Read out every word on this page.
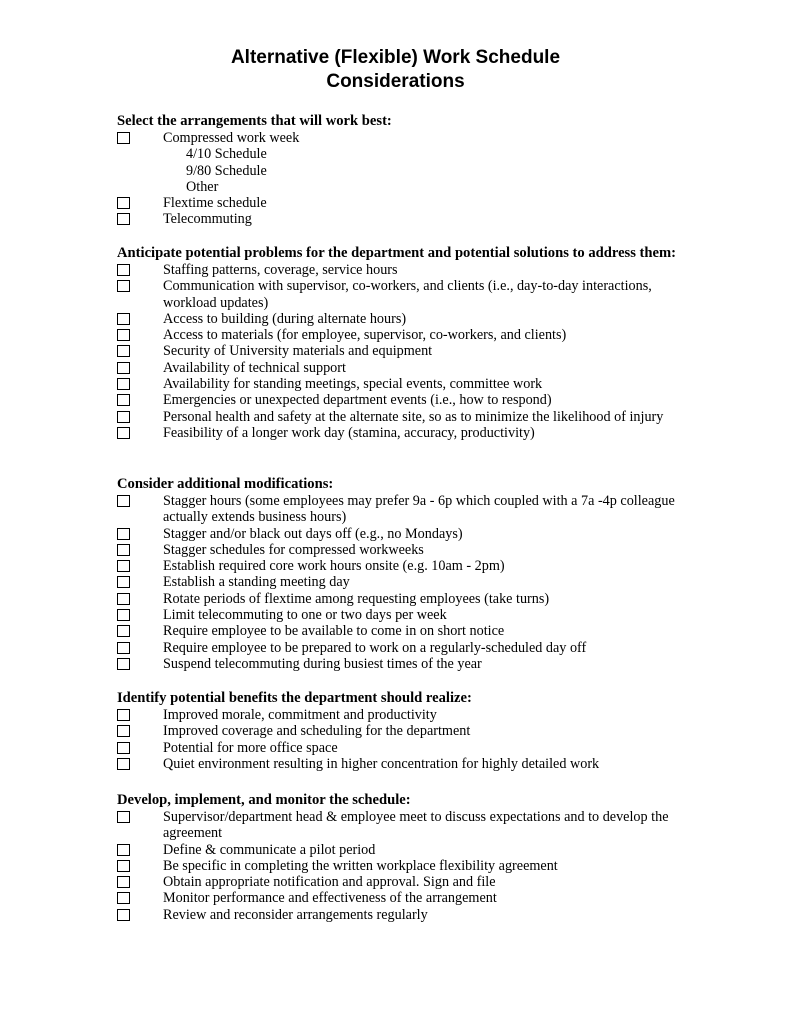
Alternative (Flexible) Work Schedule
Considerations
Select the arrangements that will work best:
Compressed work week
4/10 Schedule
9/80 Schedule
Other
Flextime schedule
Telecommuting
Anticipate potential problems for the department and potential solutions to address them:
Staffing patterns, coverage, service hours
Communication with supervisor, co-workers, and clients (i.e., day-to-day interactions, workload updates)
Access to building (during alternate hours)
Access to materials (for employee, supervisor, co-workers, and clients)
Security of University materials and equipment
Availability of technical support
Availability for standing meetings, special events, committee work
Emergencies or unexpected department events (i.e., how to respond)
Personal health and safety at the alternate site, so as to minimize the likelihood of injury
Feasibility of a longer work day (stamina, accuracy, productivity)
Consider additional modifications:
Stagger hours (some employees may prefer 9a - 6p which coupled with a 7a -4p colleague actually extends business hours)
Stagger and/or black out days off (e.g., no Mondays)
Stagger schedules for compressed workweeks
Establish required core work hours onsite (e.g. 10am - 2pm)
Establish a standing meeting day
Rotate periods of flextime among requesting employees (take turns)
Limit telecommuting to one or two days per week
Require employee to be available to come in on short notice
Require employee to be prepared to work on a regularly-scheduled day off
Suspend telecommuting during busiest times of the year
Identify potential benefits the department should realize:
Improved morale, commitment and productivity
Improved coverage and scheduling for the department
Potential for more office space
Quiet environment resulting in higher concentration for highly detailed work
Develop, implement, and monitor the schedule:
Supervisor/department head & employee meet to discuss expectations and to develop the agreement
Define & communicate a pilot period
Be specific in completing the written workplace flexibility agreement
Obtain appropriate notification and approval. Sign and file
Monitor performance and effectiveness of the arrangement
Review and reconsider arrangements regularly
